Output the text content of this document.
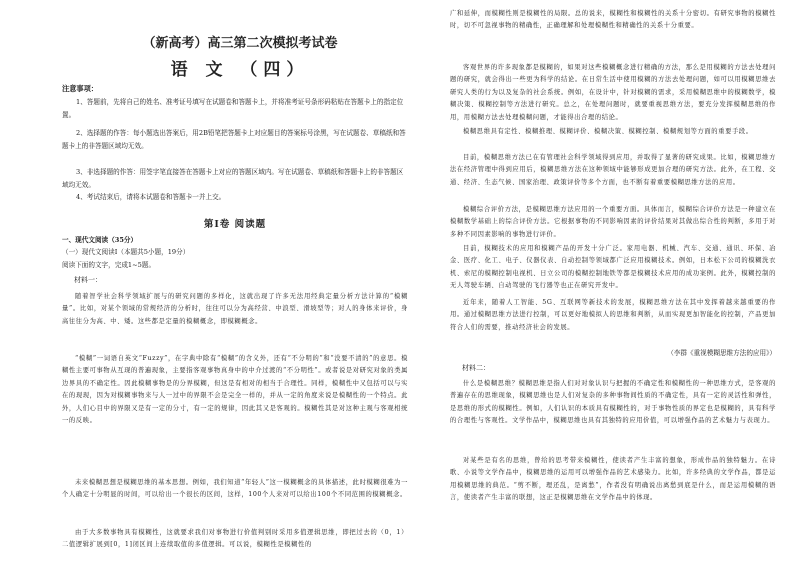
（新高考）高三第二次模拟考试卷
语 文 （四）
注意事项：
1、答题前，先将自己的姓名、准考证号填写在试题卷和答题卡上，并将准考证号条形码粘贴在答题卡上的指定位置。
2、选择题的作答：每小题选出答案后，用2B铅笔把答题卡上对应题目的答案标号涂黑，写在试题卷、草稿纸和答题卡上的非答题区域均无效。
3、非选择题的作答：用签字笔直接答在答题卡上对应的答题区域内。写在试题卷、草稿纸和答题卡上的非答题区域均无效。
4、考试结束后，请将本试题卷和答题卡一并上交。
第Ⅰ卷 阅读题
一、现代文阅读（35分）
（一）现代文阅读Ⅰ（本题共5小题，19分）
阅读下面的文字，完成1~5题。
材料一：
随着智学社会科学领域扩展与的研究问题的多样化，这就出现了许多无法用经典定量分析方法计算的“模糊量”。比如，对某个领域的常规经济的分析时，往往可以分为高经营、中浪型、滑坡型等；对人的身体来评价，身高往往分为高、中、矮。这些都是定量的模糊概念，即模糊概念。
“模糊”一词语自英文“Fuzzy”，在字典中除有“模糊”的含义外，还有“不分明的”和“没要不清的”的意思。模糊性主要可事物从互现的普遍现象，主要指客观事物真身中的中介过渡的“不分明性”。或者说是对研究对象的类属边界具的不确定性。因此模糊事物是的分界模糊，但这是有相对的相当于合理性。同样，模糊性中又包括可以与实在的现现，因为对模糊事物来与人一过中的界限不会是完全一样的，并从一定的角度来说是模糊性的一个特点。此外，人们心目中的界限又是有一定的分寸，有一定的规律，因此其又是客观的。模糊性其是对这种主观与客观相统一的反映。
未来模糊思想是模糊思维的基本思想。例如，我们知道“年轻人”这一模糊概念的具体描述，此时模糊很难为一个人确定十分明显的时间，可以给出一个很长的区间，这样，100个人来对可以给出100个不同范围的模糊概念。
由于大多数事物具有模糊性，这就要求我们对事物进行价值判别时采用多值逻辑思维，即把过去的（0，1）二值逻辑扩展到[0，1]闭区间上连续取值的多值逻辑。可以说，模糊性是模糊性的
广和延伸，而模糊性则是模糊性的局限。总的说来，模糊性和模糊性的关系十分密切。有研究事物的模糊性时，切不可忽视事物的精确性，正确理解和处理模糊性和精确性的关系十分重要。
客观世界的许多现象都是模糊的，如果对这些模糊概念进行精确的方法，那么是用模糊的方法去处理问题的研究，就会得出一些更为科学的结论。在日常生活中使用模糊的方法去处理问题，如可以用模糊思维去研究人类的行为以及复杂的社会系统。例如，在设计中，针对模糊的需求，采用模糊思维中的模糊数学，模糊决策、模糊控制等方法进行研究。总之，在处理问题时，就要重视思维方法，要充分发挥模糊思维的作用，用模糊方法去处理模糊问题，才能得出合理的结论。
模糊思维具有定性、模糊推理、模糊评价、模糊决策、模糊控制、模糊规划等方面的重要手段。
目前，模糊思维方法已在有管理社会科学领域得到应用，并取得了显著的研究成果。比如，模糊思维方法在经济管理中得到应用后，模糊思维方法在这种领域中能够形成更加合理的研究方法。此外，在工程、交通、经济、生态气候、国家治理、政策评价等多个方面，也不断有着重要模糊思维方法的应用。
模糊综合评价方法，是模糊思维方法应用的一个重要方面。具体而言，模糊综合评价方法是一种建立在模糊数学基础上的综合评价方法。它根据事物的不同影响因素的评价结果对其做出综合性的判断，多用于对多种不同因素影响的事物进行评价。
目前，模糊技术的应用和模糊产品的开发十分广泛。家用电器、机械、汽车、交通、通讯、环保、冶金、医疗、化工、电子、仪器仪表、自动控制等领域都广泛应用模糊技术。例如，日本松下公司的模糊洗衣机、索尼的模糊控制电视机、日立公司的模糊控制地铁等都是模糊技术应用的成功案例。此外，模糊控制的无人驾驶车辆、自动驾驶的飞行器等也正在研究开发中。
近年来，随着人工智能、5G、互联网等新技术的发展，模糊思维方法在其中发挥着越来越重要的作用。通过模糊思维方法进行控制，可以更好地模拟人的思维和判断，从而实现更加智能化的控制，产品更加符合人们的需要，推动经济社会的发展。
（李群《重视模糊思维方法的应用》）
材料二：
什么是模糊思维？模糊思维是指人们对对象认识与把握的不确定性和模糊性的一种思维方式，是客观的普遍存在的思维现象，模糊思维也是人们对复杂的多种事物间性质的不确定性，具有一定的灵活性和弹性，是思维的形式的模糊性。例如，人们认识的本质具有模糊性的，对于事物性质的界定也是模糊的，具有科学的合理性与客观性。文学作品中，模糊思维也具有其独特的应用价值，可以增强作品的艺术魅力与表现力。
对某些是有名的思维，曾给的思考带来模糊性，使读者产生丰富的想象，形成作品的独特魅力。在诗歌、小说等文学作品中，模糊思维的运用可以增强作品的艺术感染力。比如，许多经典的文学作品，都是运用模糊思维的典范。“剪不断，理还乱，是离愁”，作者没有明确说出离愁到底是什么，而是运用模糊的语言，使读者产生丰富的联想，这正是模糊思维在文学作品中的体现。
